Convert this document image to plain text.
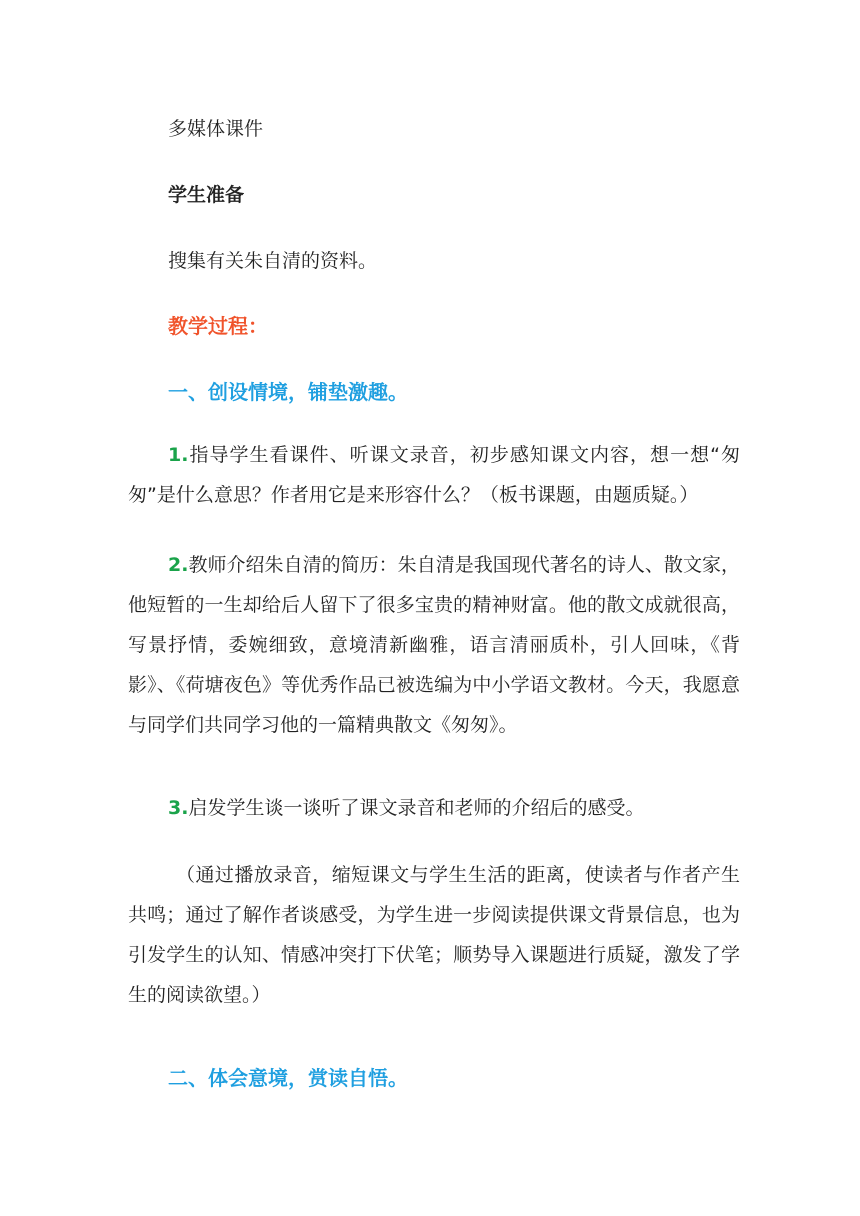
多媒体课件
学生准备
搜集有关朱自清的资料。
教学过程：
一、创设情境，铺垫激趣。
1.指导学生看课件、听课文录音，初步感知课文内容，想一想“匆匆”是什么意思？作者用它是来形容什么？（板书课题，由题质疑。）
2.教师介绍朱自清的简历：朱自清是我国现代著名的诗人、散文家，他短暂的一生却给后人留下了很多宝贵的精神财富。他的散文成就很高，写景抒情，委婉细致，意境清新幽雅，语言清丽质朴，引人回味，《背影》、《荷塘夜色》等优秀作品已被选编为中小学语文教材。今天，我愿意与同学们共同学习他的一篇精典散文《匆匆》。
3.启发学生谈一谈听了课文录音和老师的介绍后的感受。
（通过播放录音，缩短课文与学生生活的距离，使读者与作者产生共鸣；通过了解作者谈感受，为学生进一步阅读提供课文背景信息，也为引发学生的认知、情感冲突打下伏笔；顺势导入课题进行质疑，激发了学生的阅读欲望。）
二、体会意境，赏读自悟。
